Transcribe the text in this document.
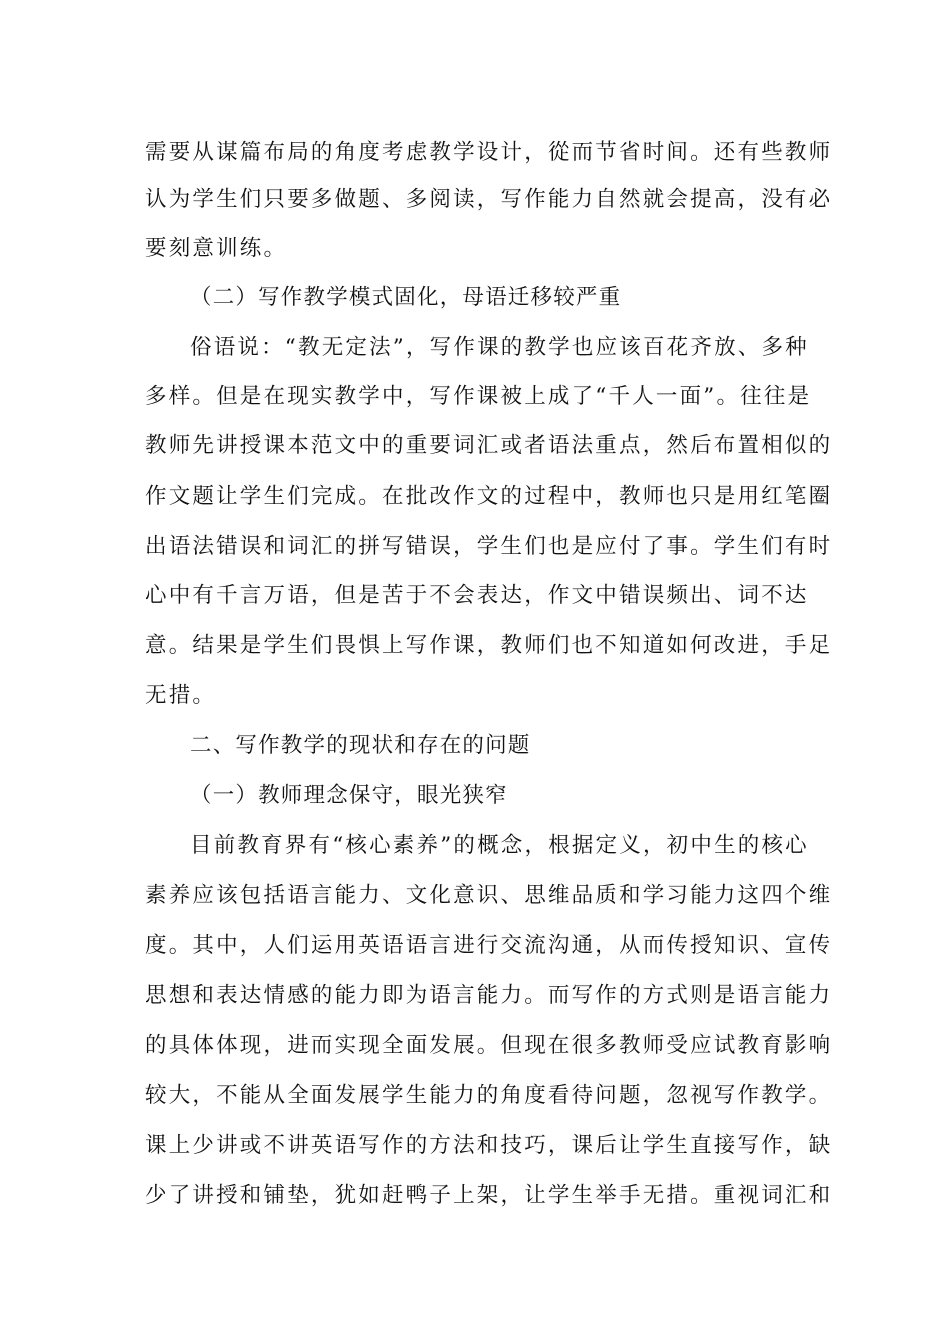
需要从谋篇布局的角度考虑教学设计，從而节省时间。还有些教师
认为学生们只要多做题、多阅读，写作能力自然就会提高，没有必
要刻意训练。
（二）写作教学模式固化，母语迁移较严重
俗语说：“教无定法”，写作课的教学也应该百花齐放、多种
多样。但是在现实教学中，写作课被上成了“千人一面”。往往是
教师先讲授课本范文中的重要词汇或者语法重点，然后布置相似的
作文题让学生们完成。在批改作文的过程中，教师也只是用红笔圈
出语法错误和词汇的拼写错误，学生们也是应付了事。学生们有时
心中有千言万语，但是苦于不会表达，作文中错误频出、词不达
意。结果是学生们畏惧上写作课，教师们也不知道如何改进，手足
无措。
二、写作教学的现状和存在的问题
（一）教师理念保守，眼光狭窄
目前教育界有“核心素养”的概念，根据定义，初中生的核心
素养应该包括语言能力、文化意识、思维品质和学习能力这四个维
度。其中，人们运用英语语言进行交流沟通，从而传授知识、宣传
思想和表达情感的能力即为语言能力。而写作的方式则是语言能力
的具体体现，进而实现全面发展。但现在很多教师受应试教育影响
较大，不能从全面发展学生能力的角度看待问题，忽视写作教学。
课上少讲或不讲英语写作的方法和技巧，课后让学生直接写作，缺
少了讲授和铺垫，犹如赶鸭子上架，让学生举手无措。重视词汇和
